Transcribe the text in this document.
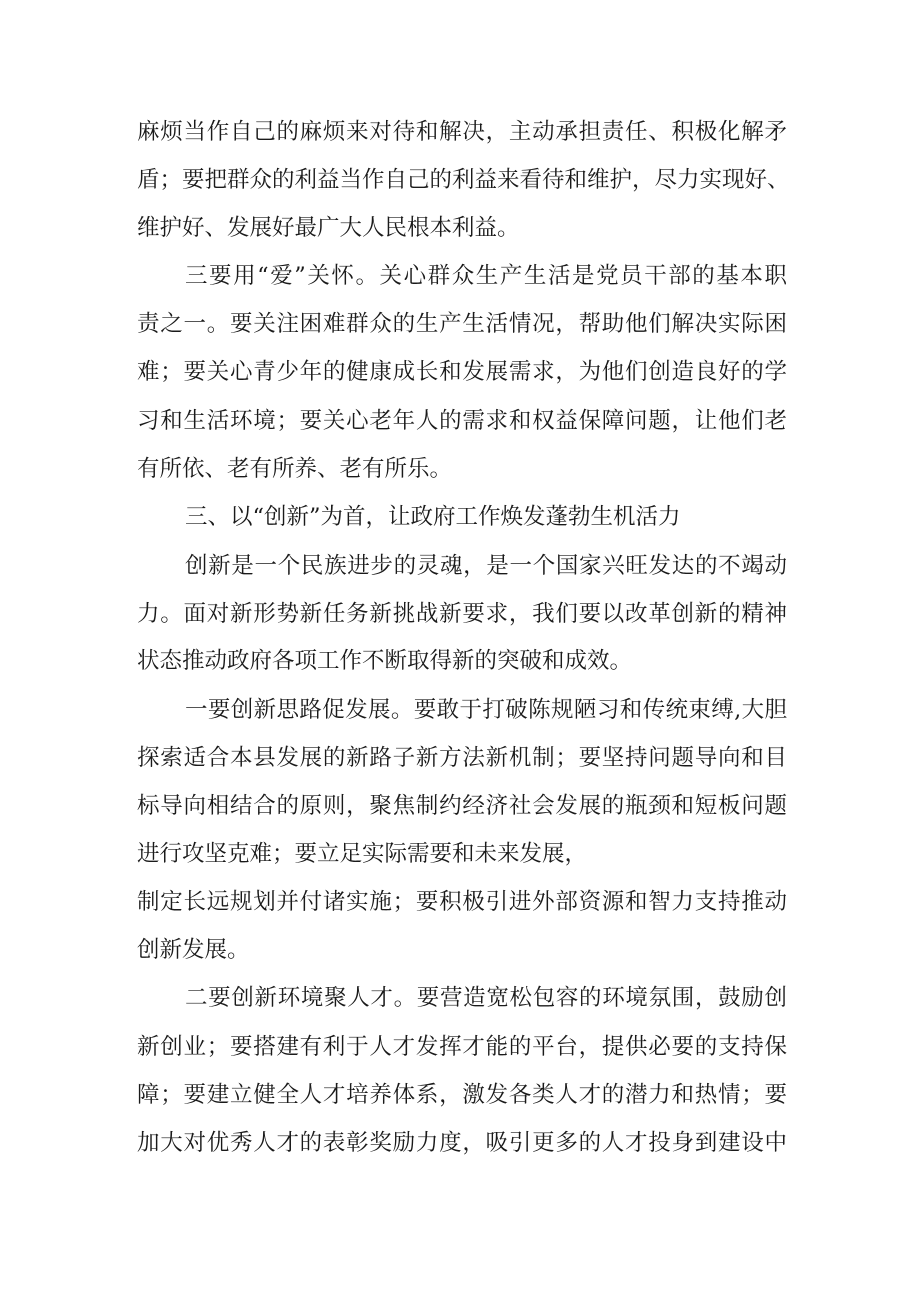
麻烦当作自己的麻烦来对待和解决，主动承担责任、积极化解矛
盾；要把群众的利益当作自己的利益来看待和维护，尽力实现好、
维护好、发展好最广大人民根本利益。
三要用“爱”关怀。关心群众生产生活是党员干部的基本职
责之一。要关注困难群众的生产生活情况，帮助他们解决实际困
难；要关心青少年的健康成长和发展需求，为他们创造良好的学
习和生活环境；要关心老年人的需求和权益保障问题，让他们老
有所依、老有所养、老有所乐。
三、以“创新”为首，让政府工作焕发蓬勃生机活力
创新是一个民族进步的灵魂，是一个国家兴旺发达的不竭动
力。面对新形势新任务新挑战新要求，我们要以改革创新的精神
状态推动政府各项工作不断取得新的突破和成效。
一要创新思路促发展。要敢于打破陈规陋习和传统束缚,大胆
探索适合本县发展的新路子新方法新机制；要坚持问题导向和目
标导向相结合的原则，聚焦制约经济社会发展的瓶颈和短板问题
进行攻坚克难；要立足实际需要和未来发展，
制定长远规划并付诸实施；要积极引进外部资源和智力支持推动
创新发展。
二要创新环境聚人才。要营造宽松包容的环境氛围，鼓励创
新创业；要搭建有利于人才发挥才能的平台，提供必要的支持保
障；要建立健全人才培养体系，激发各类人才的潜力和热情；要
加大对优秀人才的表彰奖励力度，吸引更多的人才投身到建设中
